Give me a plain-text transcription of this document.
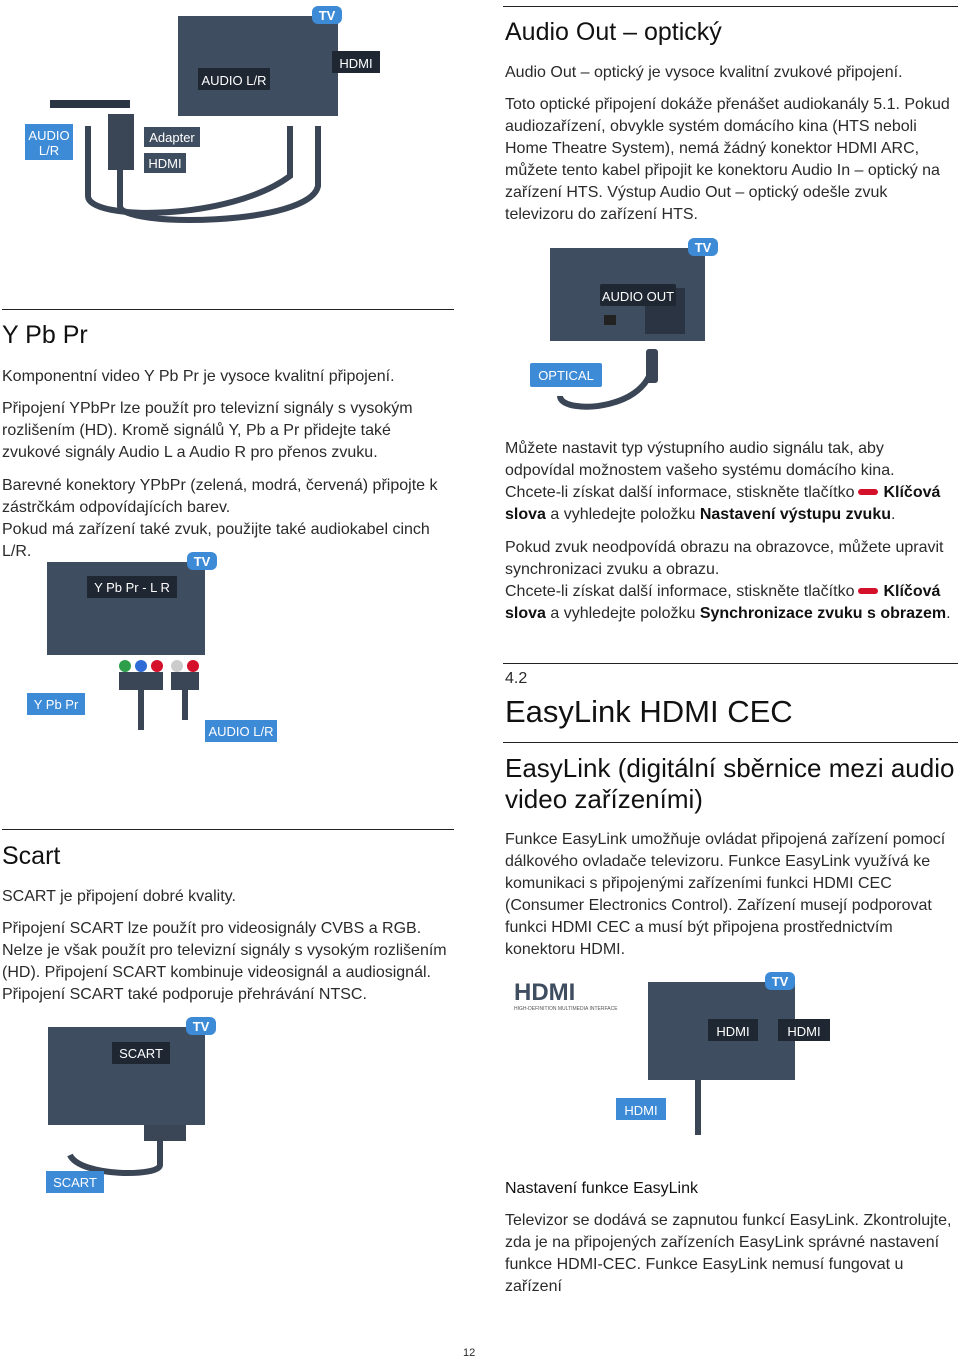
Audio Out – optický

Audio Out – optický je vysoce kvalitní zvukové připojení.

Toto optické připojení dokáže přenášet audiokanály 5.1. Pokud audiozařízení, obvykle systém domácího kina (HTS neboli Home Theatre System), nemá žádný konektor HDMI ARC, můžete tento kabel připojit ke konektoru Audio In – optický na zařízení HTS. Výstup Audio Out – optický odešle zvuk televizoru do zařízení HTS.

AUDIO OUT
TV
OPTICAL

Můžete nastavit typ výstupního audio signálu tak, aby odpovídal možnostem vašeho systému domácího kina.

Chcete-li získat další informace, stiskněte tlačítko Klíčová slova a vyhledejte položku Nastavení výstupu zvuku.

Pokud zvuk neodpovídá obrazu na obrazovce, můžete upravit synchronizaci zvuku a obrazu.

Chcete-li získat další informace, stiskněte tlačítko Klíčová slova a vyhledejte položku Synchronizace zvuku s obrazem.

4.2

EasyLink HDMI CEC
EasyLink (digitální sběrnice mezi audio video zařízeními)

Funkce EasyLink umožňuje ovládat připojená zařízení pomocí dálkového ovladače televizoru. Funkce EasyLink využívá ke komunikaci s připojenými zařízeními funkci HDMI CEC (Consumer Electronics Control). Zařízení musejí podporovat funkci HDMI CEC a musí být připojena prostřednictvím konektoru HDMI.

HDMI
HIGH-DEFINITION MULTIMEDIA INTERFACE
TV
HDMI	HDMI
HDMI

Nastavení funkce EasyLink

Televizor se dodává se zapnutou funkcí EasyLink. Zkontrolujte, zda je na připojených zařízeních EasyLink správné nastavení funkce HDMI-CEC. Funkce EasyLink nemusí fungovat u zařízení

TV
AUDIO L/R
HDMI
AUDIO
L/R
Adapter
HDMI
Y Pb Pr

Komponentní video Y Pb Pr je vysoce kvalitní připojení.

Připojení YPbPr lze použít pro televizní signály s vysokým rozlišením (HD). Kromě signálů Y, Pb a Pr přidejte také zvukové signály Audio L a Audio R pro přenos zvuku.

Barevné konektory YPbPr (zelená, modrá, červená) připojte k zástrčkám odpovídajících barev.

Pokud má zařízení také zvuk, použijte také audiokabel cinch L/R.

TV
Y Pb Pr - L R
Y Pb Pr
AUDIO L/R
Scart

SCART je připojení dobré kvality.

Připojení SCART lze použít pro videosignály CVBS a RGB. Nelze je však použít pro televizní signály s vysokým rozlišením (HD). Připojení SCART kombinuje videosignál a audiosignál. Připojení SCART také podporuje přehrávání NTSC.

TV
SCART
SCART

12
